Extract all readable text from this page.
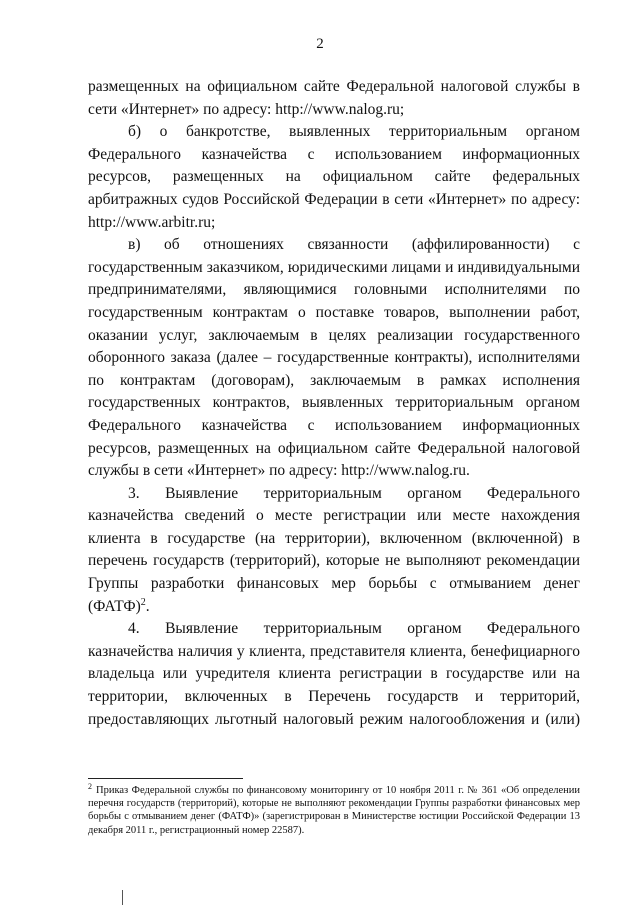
2

размещенных на официальном сайте Федеральной налоговой службы в сети «Интернет» по адресу: http://www.nalog.ru;

б) о банкротстве, выявленных территориальным органом Федерального казначейства с использованием информационных ресурсов, размещенных на официальном сайте федеральных арбитражных судов Российской Федерации в сети «Интернет» по адресу: http://www.arbitr.ru;

в) об отношениях связанности (аффилированности) с государственным заказчиком, юридическими лицами и индивидуальными предпринимателями, являющимися головными исполнителями по государственным контрактам о поставке товаров, выполнении работ, оказании услуг, заключаемым в целях реализации государственного оборонного заказа (далее – государственные контракты), исполнителями по контрактам (договорам), заключаемым в рамках исполнения государственных контрактов, выявленных территориальным органом Федерального казначейства с использованием информационных ресурсов, размещенных на официальном сайте Федеральной налоговой службы в сети «Интернет» по адресу: http://www.nalog.ru.

3. Выявление территориальным органом Федерального казначейства сведений о месте регистрации или месте нахождения клиента в государстве (на территории), включенном (включенной) в перечень государств (территорий), которые не выполняют рекомендации Группы разработки финансовых мер борьбы с отмыванием денег (ФАТФ)$^2$.

4. Выявление территориальным органом Федерального казначейства наличия у клиента, представителя клиента, бенефициарного владельца или учредителя клиента регистрации в государстве или на территории, включенных в Перечень государств и территорий, предоставляющих льготный налоговый режим налогообложения и (или)

$^2$ Приказ Федеральной службы по финансовому мониторингу от 10 ноября 2011 г. № 361 «Об определении перечня государств (территорий), которые не выполняют рекомендации Группы разработки финансовых мер борьбы с отмыванием денег (ФАТФ)» (зарегистрирован в Министерстве юстиции Российской Федерации 13 декабря 2011 г., регистрационный номер 22587).
